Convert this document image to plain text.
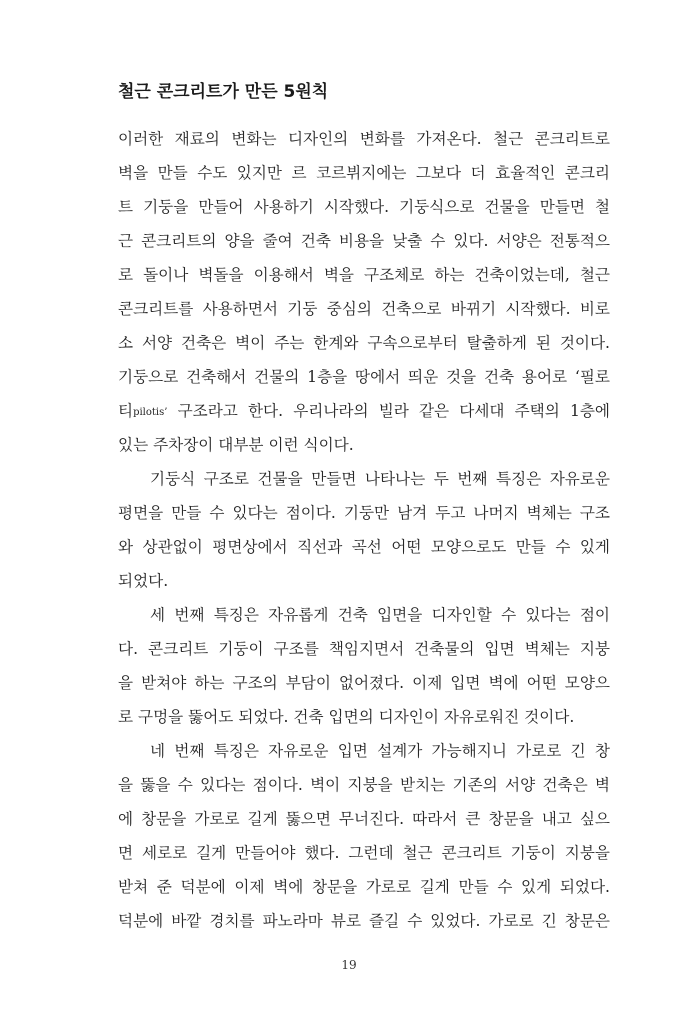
철근 콘크리트가 만든 5원칙
이러한 재료의 변화는 디자인의 변화를 가져온다. 철근 콘크리트로
벽을 만들 수도 있지만 르 코르뷔지에는 그보다 더 효율적인 콘크리
트 기둥을 만들어 사용하기 시작했다. 기둥식으로 건물을 만들면 철
근 콘크리트의 양을 줄여 건축 비용을 낮출 수 있다. 서양은 전통적으
로 돌이나 벽돌을 이용해서 벽을 구조체로 하는 건축이었는데, 철근
콘크리트를 사용하면서 기둥 중심의 건축으로 바뀌기 시작했다. 비로
소 서양 건축은 벽이 주는 한계와 구속으로부터 탈출하게 된 것이다.
기둥으로 건축해서 건물의 1층을 땅에서 띄운 것을 건축 용어로 ‘필로
티pilotis’ 구조라고 한다. 우리나라의 빌라 같은 다세대 주택의 1층에
있는 주차장이 대부분 이런 식이다.
기둥식 구조로 건물을 만들면 나타나는 두 번째 특징은 자유로운
평면을 만들 수 있다는 점이다. 기둥만 남겨 두고 나머지 벽체는 구조
와 상관없이 평면상에서 직선과 곡선 어떤 모양으로도 만들 수 있게
되었다.
세 번째 특징은 자유롭게 건축 입면을 디자인할 수 있다는 점이
다. 콘크리트 기둥이 구조를 책임지면서 건축물의 입면 벽체는 지붕
을 받쳐야 하는 구조의 부담이 없어졌다. 이제 입면 벽에 어떤 모양으
로 구멍을 뚫어도 되었다. 건축 입면의 디자인이 자유로워진 것이다.
네 번째 특징은 자유로운 입면 설계가 가능해지니 가로로 긴 창
을 뚫을 수 있다는 점이다. 벽이 지붕을 받치는 기존의 서양 건축은 벽
에 창문을 가로로 길게 뚫으면 무너진다. 따라서 큰 창문을 내고 싶으
면 세로로 길게 만들어야 했다. 그런데 철근 콘크리트 기둥이 지붕을
받쳐 준 덕분에 이제 벽에 창문을 가로로 길게 만들 수 있게 되었다.
덕분에 바깥 경치를 파노라마 뷰로 즐길 수 있었다. 가로로 긴 창문은
19
